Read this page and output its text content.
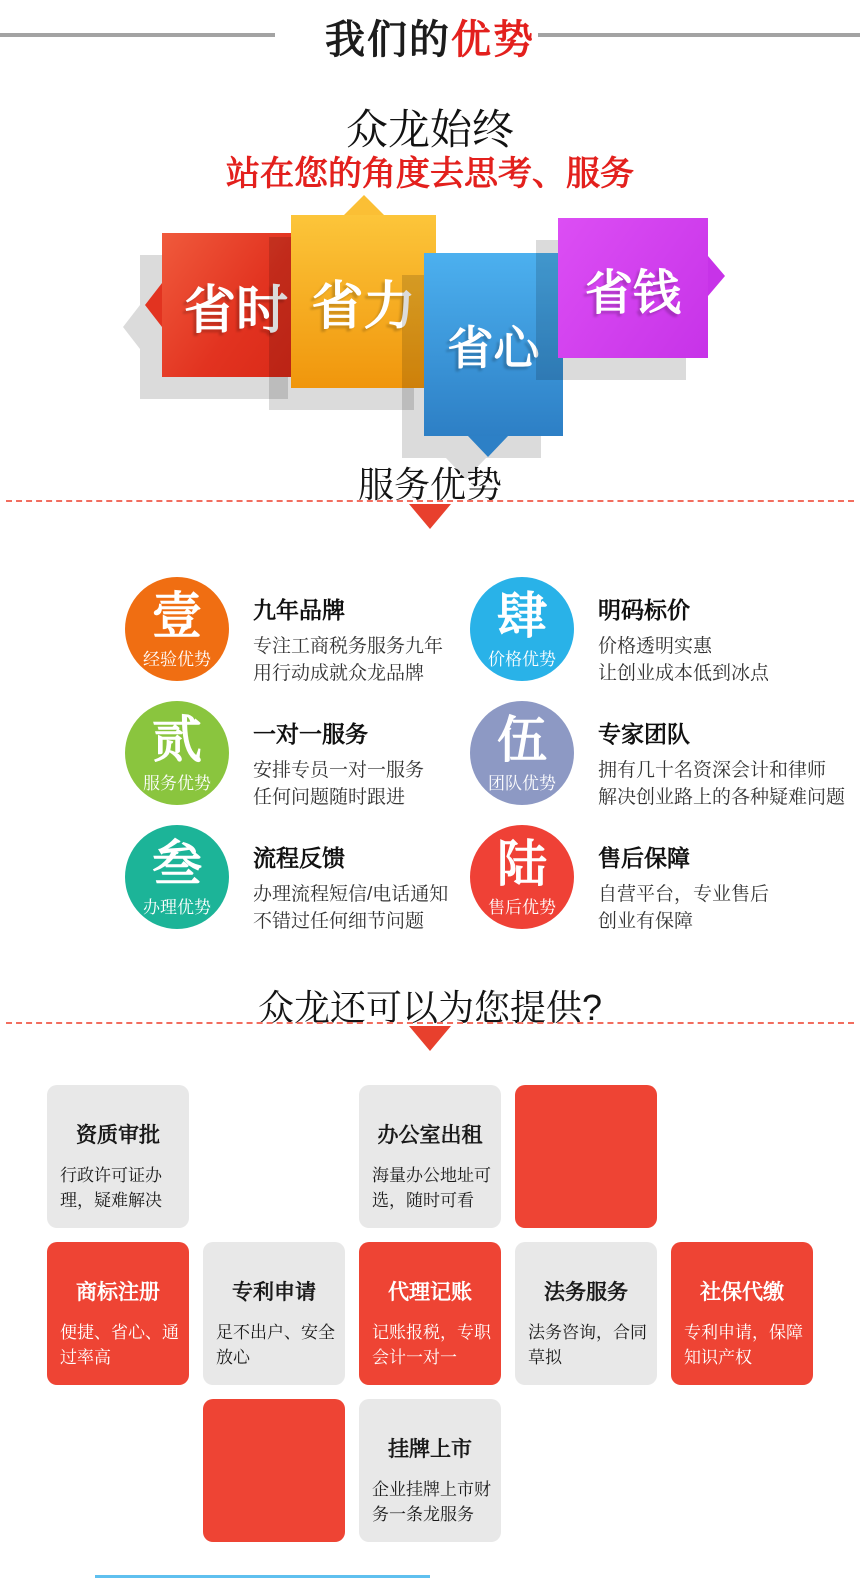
我们的优势
众龙始终
站在您的角度去思考、服务
省时 省力
省心
省钱
服务优势
壹
经验优势
九年品牌
专注工商税务服务九年
用行动成就众龙品牌
贰
服务优势
一对一服务
安排专员一对一服务
任何问题随时跟进
叁
办理优势
流程反馈
办理流程短信/电话通知
不错过任何细节问题
肆
价格优势
明码标价
价格透明实惠
让创业成本低到冰点
伍
团队优势
专家团队
拥有几十名资深会计和律师
解决创业路上的各种疑难问题
陆
售后优势
售后保障
自营平台，专业售后
创业有保障
众龙还可以为您提供?
资质审批
行政许可证办理，疑难解决
办公室出租
海量办公地址可选，随时可看
商标注册
便捷、省心、通过率高
专利申请
足不出户、安全放心
代理记账
记账报税，专职会计一对一
法务服务
法务咨询，合同草拟
社保代缴
专利申请，保障知识产权
挂牌上市
企业挂牌上市财务一条龙服务
